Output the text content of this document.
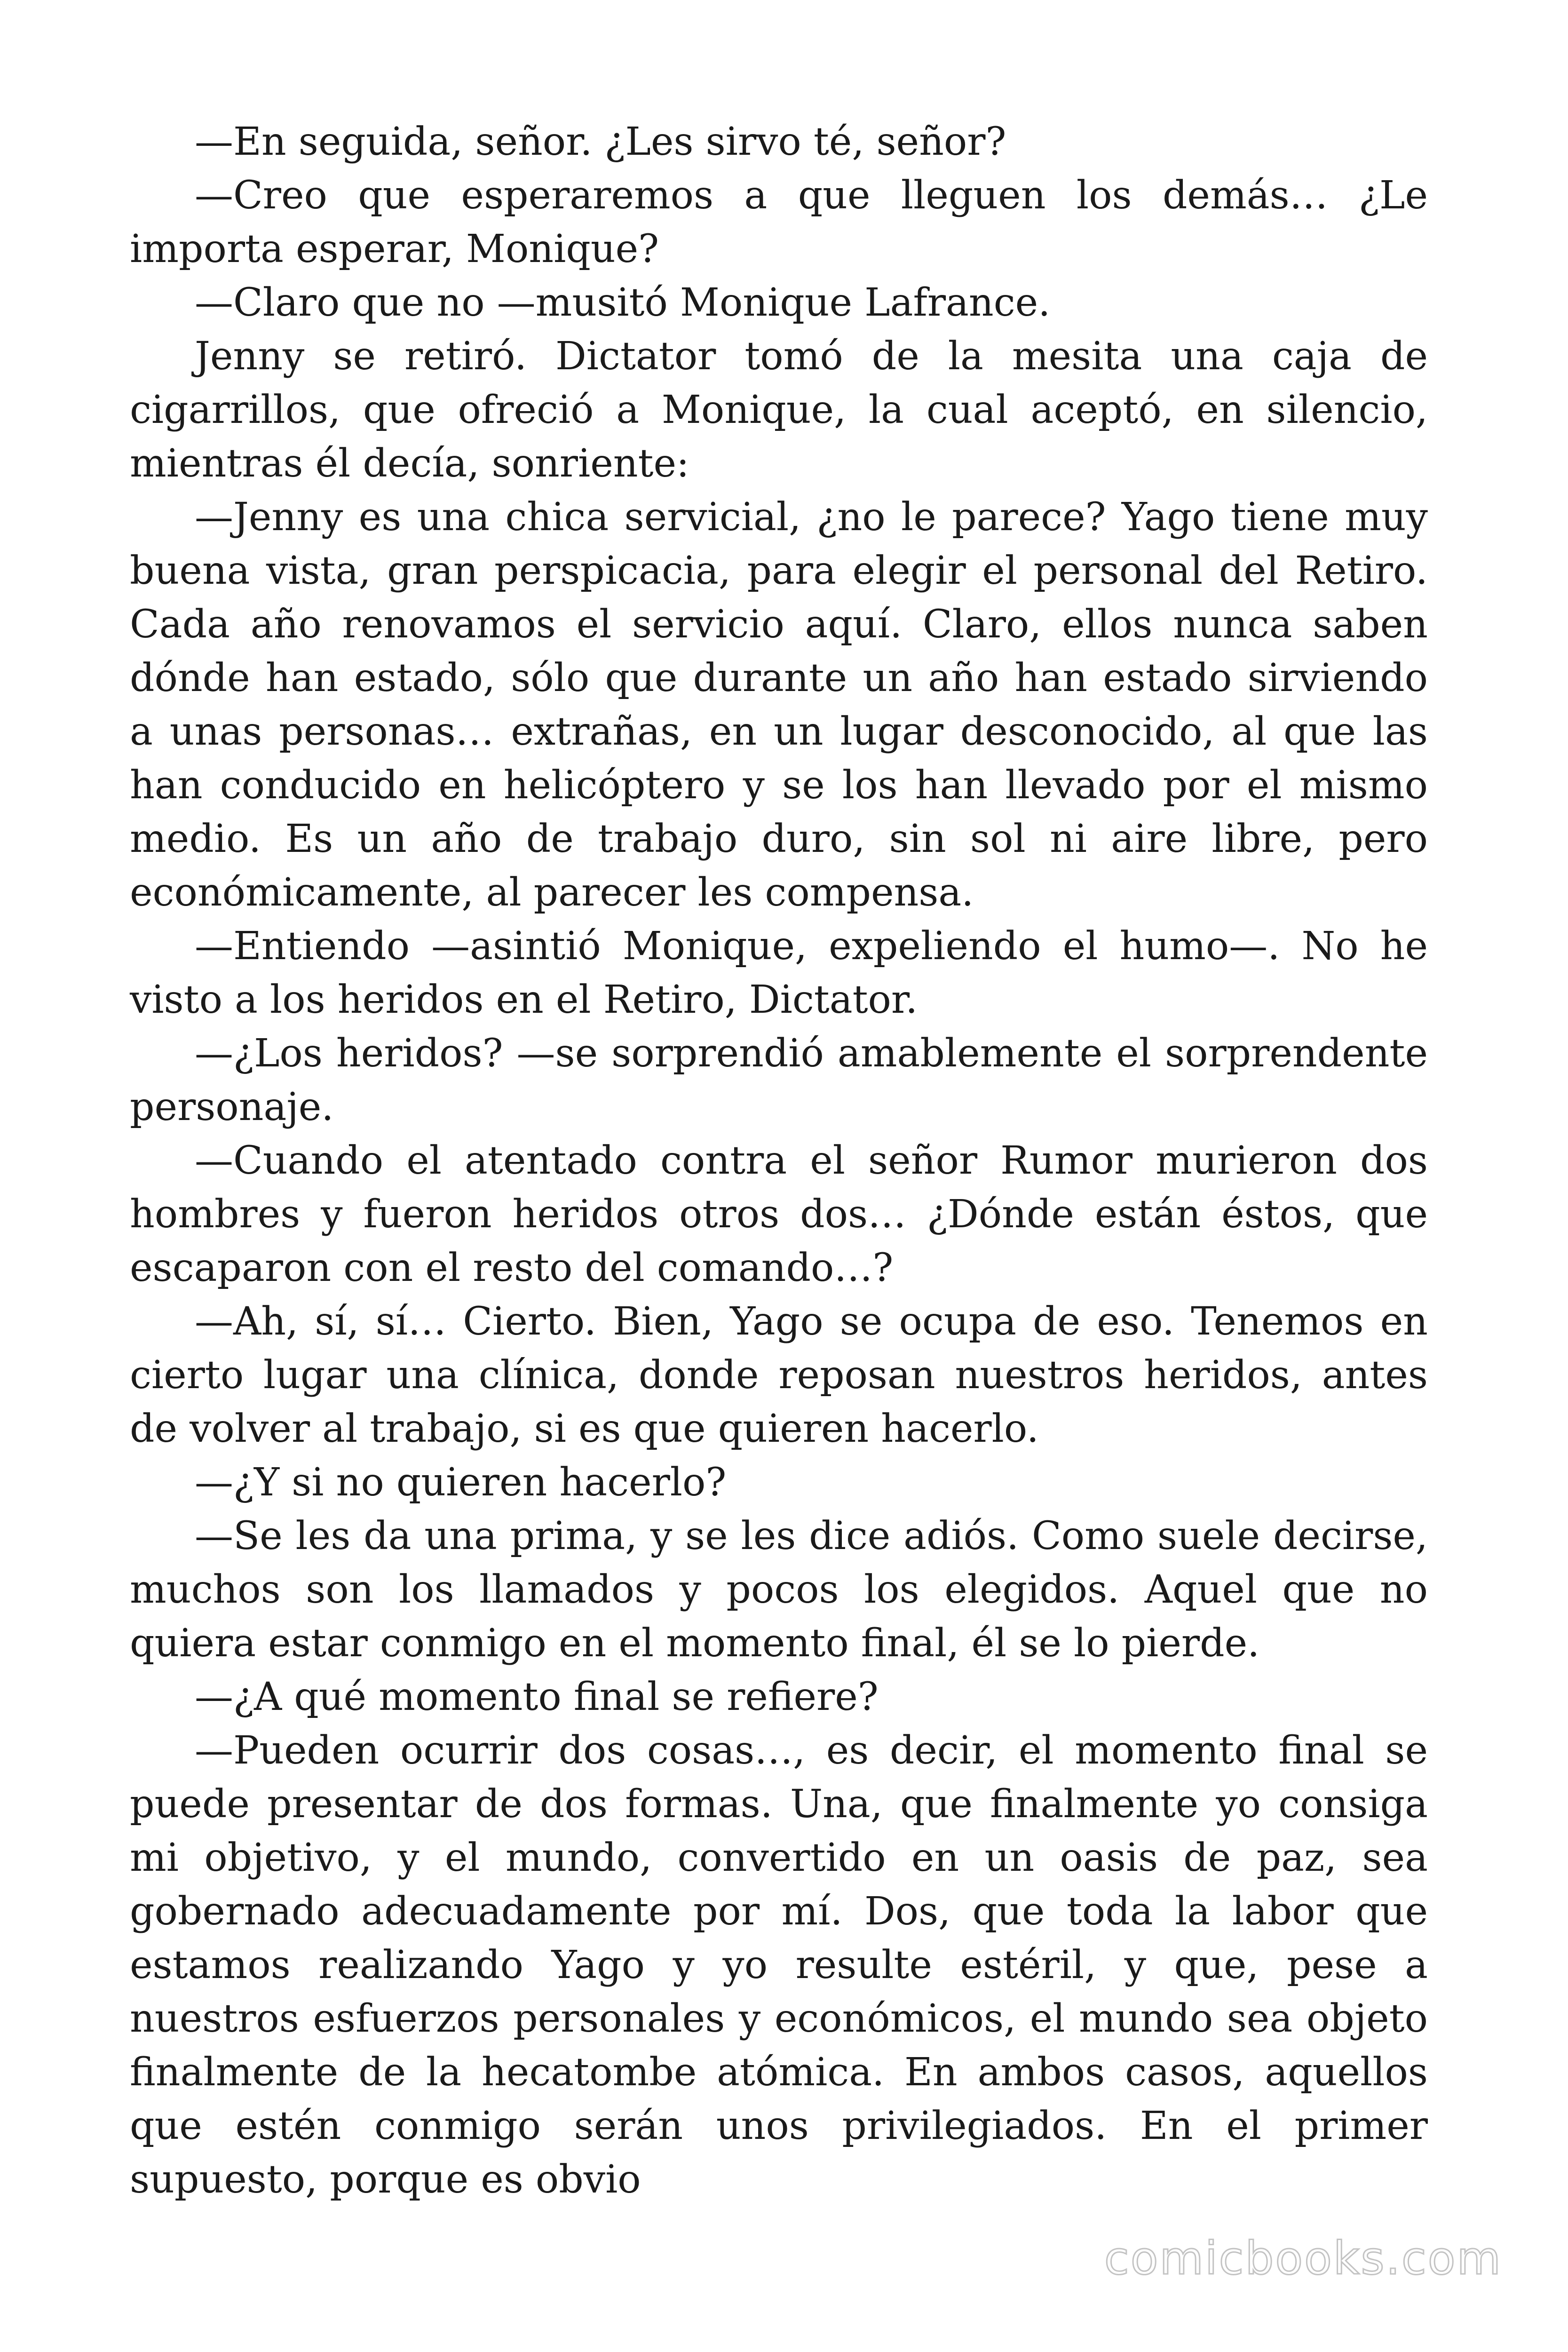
—En seguida, señor. ¿Les sirvo té, señor?

—Creo que esperaremos a que lleguen los demás… ¿Le importa esperar, Monique?

—Claro que no —musitó Monique Lafrance.

Jenny se retiró. Dictator tomó de la mesita una caja de cigarrillos, que ofreció a Monique, la cual aceptó, en silencio, mientras él decía, sonriente:

—Jenny es una chica servicial, ¿no le parece? Yago tiene muy buena vista, gran perspicacia, para elegir el personal del Retiro. Cada año renovamos el servicio aquí. Claro, ellos nunca saben dónde han estado, sólo que durante un año han estado sirviendo a unas personas… extrañas, en un lugar desconocido, al que las han conducido en helicóptero y se los han llevado por el mismo medio. Es un año de trabajo duro, sin sol ni aire libre, pero económicamente, al parecer les compensa.

—Entiendo —asintió Monique, expeliendo el humo—. No he visto a los heridos en el Retiro, Dictator.

—¿Los heridos? —se sorprendió amablemente el sorprendente personaje.

—Cuando el atentado contra el señor Rumor murieron dos hombres y fueron heridos otros dos… ¿Dónde están éstos, que escaparon con el resto del comando…?

—Ah, sí, sí… Cierto. Bien, Yago se ocupa de eso. Tenemos en cierto lugar una clínica, donde reposan nuestros heridos, antes de volver al trabajo, si es que quieren hacerlo.

—¿Y si no quieren hacerlo?

—Se les da una prima, y se les dice adiós. Como suele decirse, muchos son los llamados y pocos los elegidos. Aquel que no quiera estar conmigo en el momento final, él se lo pierde.

—¿A qué momento final se refiere?

—Pueden ocurrir dos cosas…, es decir, el momento final se puede presentar de dos formas. Una, que finalmente yo consiga mi objetivo, y el mundo, convertido en un oasis de paz, sea gobernado adecuadamente por mí. Dos, que toda la labor que estamos realizando Yago y yo resulte estéril, y que, pese a nuestros esfuerzos personales y económicos, el mundo sea objeto finalmente de la hecatombe atómica. En ambos casos, aquellos que estén conmigo serán unos privilegiados. En el primer supuesto, porque es obvio

comicbooks.com
